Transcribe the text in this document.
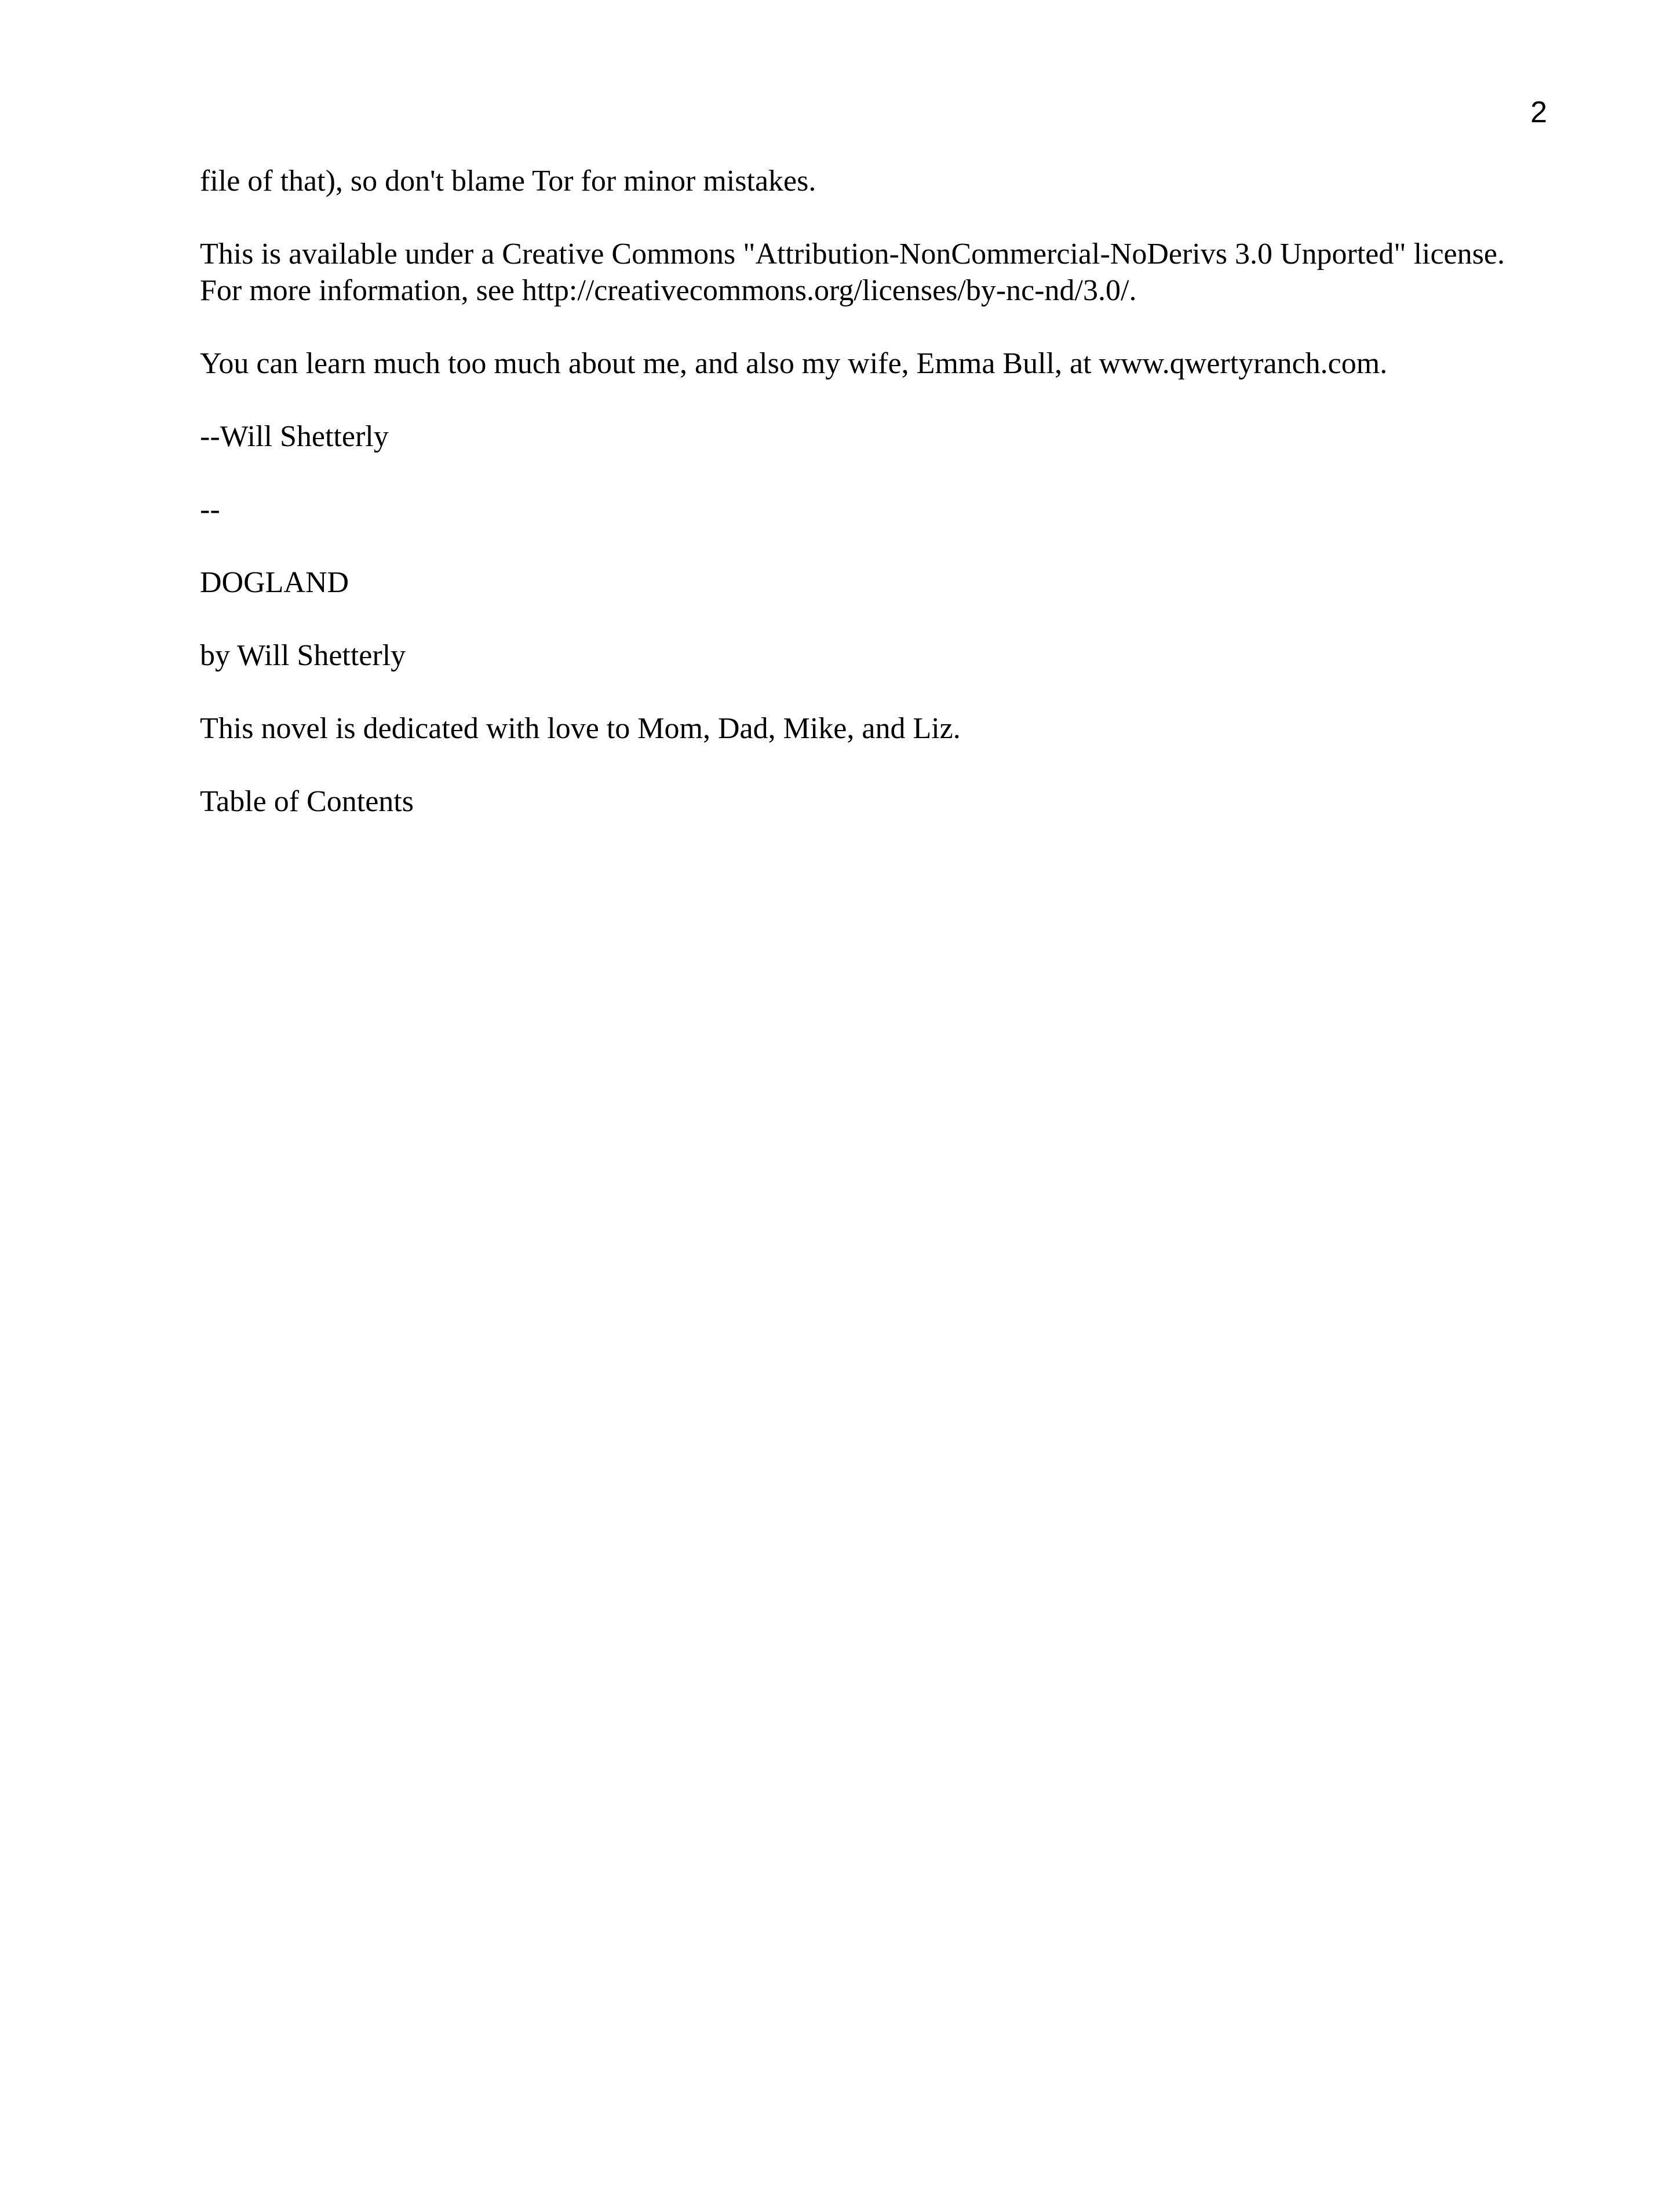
2

file of that), so don't blame Tor for minor mistakes.

This is available under a Creative Commons "Attribution-NonCommercial-NoDerivs 3.0 Unported" license.
For more information, see http://creativecommons.org/licenses/by-nc-nd/3.0/.

You can learn much too much about me, and also my wife, Emma Bull, at www.qwertyranch.com.

--Will Shetterly

--

DOGLAND

by Will Shetterly

This novel is dedicated with love to Mom, Dad, Mike, and Liz.

Table of Contents
